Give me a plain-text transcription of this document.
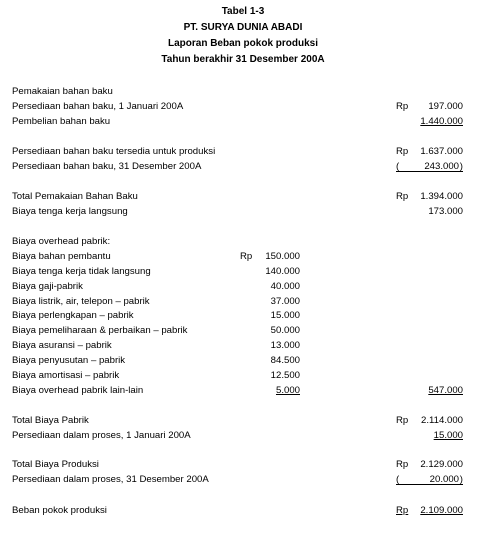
Tabel 1-3
PT. SURYA DUNIA ABADI
Laporan Beban pokok produksi
Tahun berakhir 31 Desember 200A
Pemakaian bahan baku
Persediaan bahan baku, 1 Januari 200A	Rp 197.000
Pembelian bahan baku	1.440.000
Persediaan bahan baku tersedia untuk produksi	Rp 1.637.000
Persediaan bahan baku, 31 Desember 200A	(	243.000 )
Total Pemakaian Bahan Baku	Rp 1.394.000
Biaya tenga kerja langsung	173.000
Biaya overhead pabrik:
Biaya bahan pembantu	Rp 150.000
Biaya tenga kerja tidak langsung	140.000
Biaya gaji-pabrik	40.000
Biaya listrik, air, telepon – pabrik	37.000
Biaya perlengkapan – pabrik	15.000
Biaya pemeliharaan & perbaikan – pabrik	50.000
Biaya asuransi – pabrik	13.000
Biaya penyusutan – pabrik	84.500
Biaya amortisasi – pabrik	12.500
Biaya overhead pabrik lain-lain	5.000	547.000
Total Biaya Pabrik	Rp 2.114.000
Persediaan dalam proses, 1 Januari 200A	15.000
Total Biaya Produksi	Rp 2.129.000
Persediaan dalam proses, 31 Desember 200A	(	20.000 )
Beban pokok produksi	Rp 2.109.000
